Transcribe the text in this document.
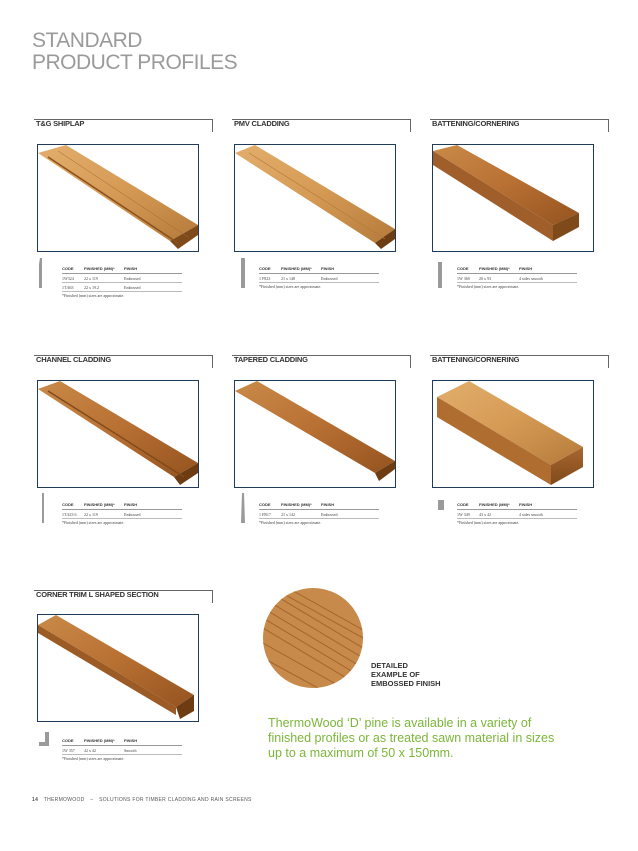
STANDARD
PRODUCT PROFILES
T&G SHIPLAP
CODE	FINISHED (MM)*	FINISH
1W324	22 x 119	Embossed
1T/463	22 x 19.2	Embossed
*Finished (mm) sizes are approximate.
PMV CLADDING
CODE	FINISHED (MM)*	FINISH
1 F823	21 x 148	Embossed
*Finished (mm) sizes are approximate.
BATTENING/CORNERING
CODE	FINISHED (MM)*	FINISH
1W 360	20 x 93	4 sides smooth
*Finished (mm) sizes are approximate.
CHANNEL CLADDING
CODE	FINISHED (MM)*	FINISH
1T/423 6	22 x 119	Embossed
*Finished (mm) sizes are approximate.
TAPERED CLADDING
CODE	FINISHED (MM)*	FINISH
1 FR17	21 x 142	Embossed
*Finished (mm) sizes are approximate.
BATTENING/CORNERING
CODE	FINISHED (MM)*	FINISH
1W 349	43 x 42	4 sides smooth
*Finished (mm) sizes are approximate.
CORNER TRIM L SHAPED SECTION
CODE	FINISHED (MM)*	FINISH
1W 357	42 x 42	Smooth
*Finished (mm) sizes are approximate.
DETAILED
EXAMPLE OF
EMBOSSED FINISH
ThermoWood ‘D’ pine is available in a variety of finished profiles or as treated sawn material in sizes up to a maximum of 50 x 150mm.
14 THERMOWOOD – SOLUTIONS FOR TIMBER CLADDING AND RAIN SCREENS
